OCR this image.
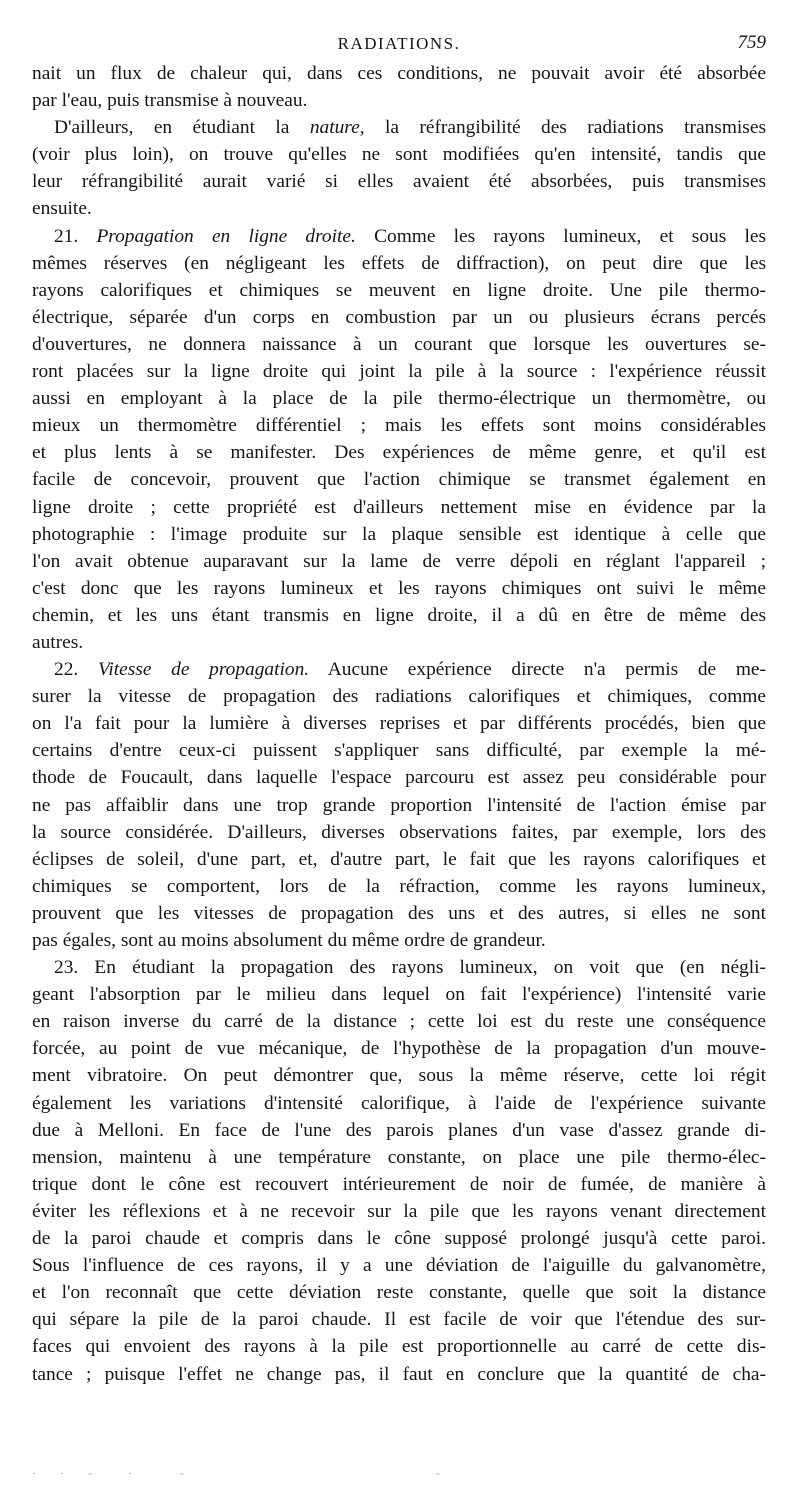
RADIATIONS.	759
nait un flux de chaleur qui, dans ces conditions, ne pouvait avoir été absorbée
par l'eau, puis transmise à nouveau.
D'ailleurs, en étudiant la nature, la réfrangibilité des radiations transmises
(voir plus loin), on trouve qu'elles ne sont modifiées qu'en intensité, tandis que
leur réfrangibilité aurait varié si elles avaient été absorbées, puis transmises
ensuite.
21. Propagation en ligne droite. Comme les rayons lumineux, et sous les
mêmes réserves (en négligeant les effets de diffraction), on peut dire que les
rayons calorifiques et chimiques se meuvent en ligne droite. Une pile thermo-
électrique, séparée d'un corps en combustion par un ou plusieurs écrans percés
d'ouvertures, ne donnera naissance à un courant que lorsque les ouvertures se-
ront placées sur la ligne droite qui joint la pile à la source : l'expérience réussit
aussi en employant à la place de la pile thermo-électrique un thermomètre, ou
mieux un thermomètre différentiel ; mais les effets sont moins considérables
et plus lents à se manifester. Des expériences de même genre, et qu'il est
facile de concevoir, prouvent que l'action chimique se transmet également en
ligne droite ; cette propriété est d'ailleurs nettement mise en évidence par la
photographie : l'image produite sur la plaque sensible est identique à celle que
l'on avait obtenue auparavant sur la lame de verre dépoli en réglant l'appareil ;
c'est donc que les rayons lumineux et les rayons chimiques ont suivi le même
chemin, et les uns étant transmis en ligne droite, il a dû en être de même des
autres.
22. Vitesse de propagation. Aucune expérience directe n'a permis de me-
surer la vitesse de propagation des radiations calorifiques et chimiques, comme
on l'a fait pour la lumière à diverses reprises et par différents procédés, bien que
certains d'entre ceux-ci puissent s'appliquer sans difficulté, par exemple la mé-
thode de Foucault, dans laquelle l'espace parcouru est assez peu considérable pour
ne pas affaiblir dans une trop grande proportion l'intensité de l'action émise par
la source considérée. D'ailleurs, diverses observations faites, par exemple, lors des
éclipses de soleil, d'une part, et, d'autre part, le fait que les rayons calorifiques et
chimiques se comportent, lors de la réfraction, comme les rayons lumineux,
prouvent que les vitesses de propagation des uns et des autres, si elles ne sont
pas égales, sont au moins absolument du même ordre de grandeur.
23. En étudiant la propagation des rayons lumineux, on voit que (en négli-
geant l'absorption par le milieu dans lequel on fait l'expérience) l'intensité varie
en raison inverse du carré de la distance ; cette loi est du reste une conséquence
forcée, au point de vue mécanique, de l'hypothèse de la propagation d'un mouve-
ment vibratoire. On peut démontrer que, sous la même réserve, cette loi régit
également les variations d'intensité calorifique, à l'aide de l'expérience suivante
due à Melloni. En face de l'une des parois planes d'un vase d'assez grande di-
mension, maintenu à une température constante, on place une pile thermo-élec-
trique dont le cône est recouvert intérieurement de noir de fumée, de manière à
éviter les réflexions et à ne recevoir sur la pile que les rayons venant directement
de la paroi chaude et compris dans le cône supposé prolongé jusqu'à cette paroi.
Sous l'influence de ces rayons, il y a une déviation de l'aiguille du galvanomètre,
et l'on reconnaît que cette déviation reste constante, quelle que soit la distance
qui sépare la pile de la paroi chaude. Il est facile de voir que l'étendue des sur-
faces qui envoient des rayons à la pile est proportionnelle au carré de cette dis-
tance ; puisque l'effet ne change pas, il faut en conclure que la quantité de cha-
·  ·  -   ·    -                     -
